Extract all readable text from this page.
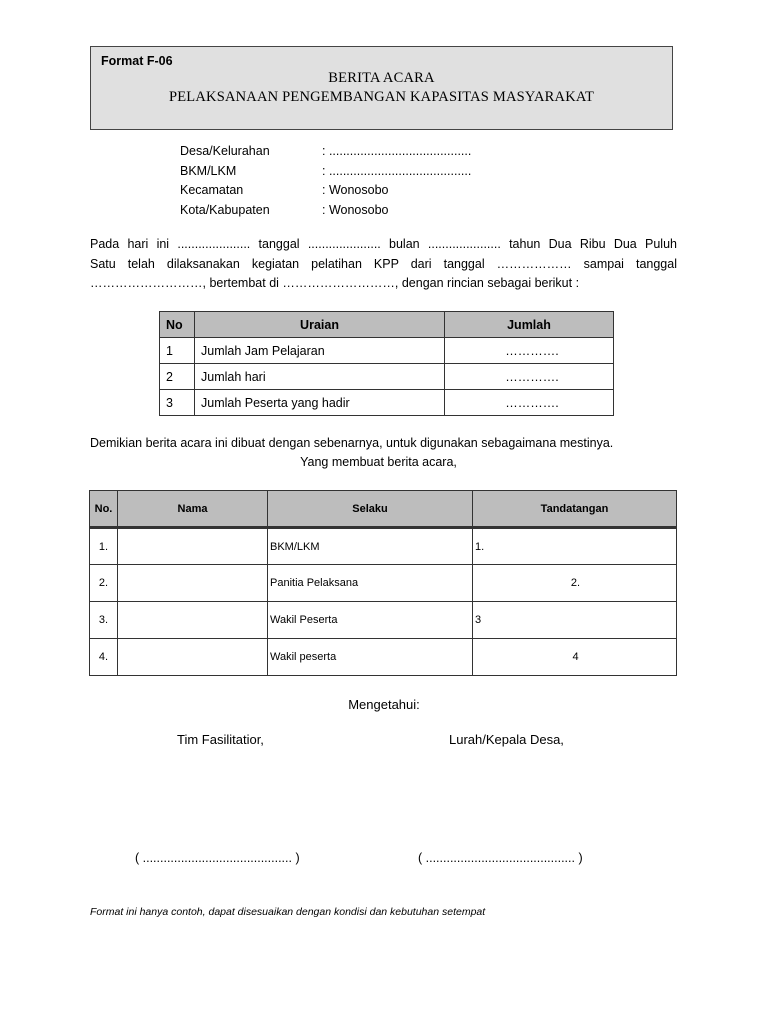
Format F-06
BERITA ACARA
PELAKSANAAN PENGEMBANGAN KAPASITAS MASYARAKAT
Desa/Kelurahan	: .........................................
BKM/LKM	: .........................................
Kecamatan	: Wonosobo
Kota/Kabupaten	: Wonosobo
Pada hari ini ..................... tanggal ..................... bulan ..................... tahun Dua Ribu Dua Puluh
Satu telah dilaksanakan kegiatan pelatihan KPP dari tanggal ……………… sampai tanggal
………………………, bertembat di ………………………, dengan rincian sebagai berikut :
No	Uraian	Jumlah
1	Jumlah Jam Pelajaran	………….
2	Jumlah hari	………….
3	Jumlah Peserta yang hadir	………….
Demikian berita acara ini dibuat dengan sebenarnya, untuk digunakan sebagaimana mestinya.
Yang membuat berita acara,
No.	Nama	Selaku	Tandatangan
1.		BKM/LKM	1.
2.		Panitia Pelaksana	2.
3.		Wakil Peserta	3
4.		Wakil peserta	4
Mengetahui:
Tim Fasilitatior,	Lurah/Kepala Desa,
( ........................................... )	( ........................................... )
Format ini hanya contoh, dapat disesuaikan dengan kondisi dan kebutuhan setempat
